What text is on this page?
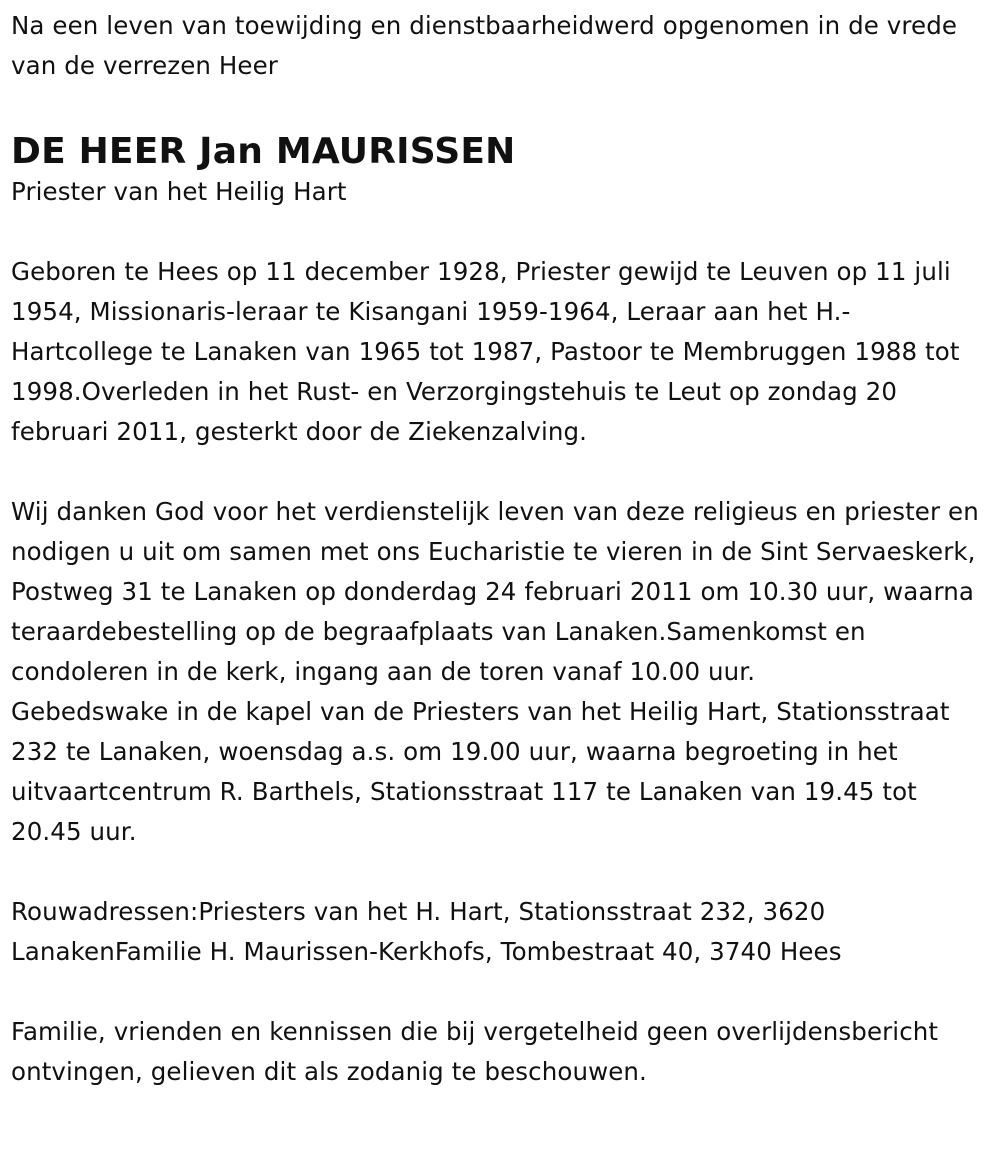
Na een leven van toewijding en dienstbaarheidwerd opgenomen in de vrede van de verrezen Heer

DE HEER Jan MAURISSEN

Priester van het Heilig Hart

Geboren te Hees op 11 december 1928, Priester gewijd te Leuven op 11 juli 1954, Missionaris-leraar te Kisangani 1959-1964, Leraar aan het H.-Hartcollege te Lanaken van 1965 tot 1987, Pastoor te Membruggen 1988 tot 1998.Overleden in het Rust- en Verzorgingstehuis te Leut op zondag 20 februari 2011, gesterkt door de Ziekenzalving.

Wij danken God voor het verdienstelijk leven van deze religieus en priester en nodigen u uit om samen met ons Eucharistie te vieren in de Sint Servaeskerk, Postweg 31 te Lanaken op donderdag 24 februari 2011 om 10.30 uur, waarna teraardebestelling op de begraafplaats van Lanaken.Samenkomst en condoleren in de kerk, ingang aan de toren vanaf 10.00 uur.

Gebedswake in de kapel van de Priesters van het Heilig Hart, Stationsstraat 232 te Lanaken, woensdag a.s. om 19.00 uur, waarna begroeting in het uitvaartcentrum R. Barthels, Stationsstraat 117 te Lanaken van 19.45 tot 20.45 uur.

Rouwadressen:Priesters van het H. Hart, Stationsstraat 232, 3620 LanakenFamilie H. Maurissen-Kerkhofs, Tombestraat 40, 3740 Hees

Familie, vrienden en kennissen die bij vergetelheid geen overlijdensbericht ontvingen, gelieven dit als zodanig te beschouwen.
